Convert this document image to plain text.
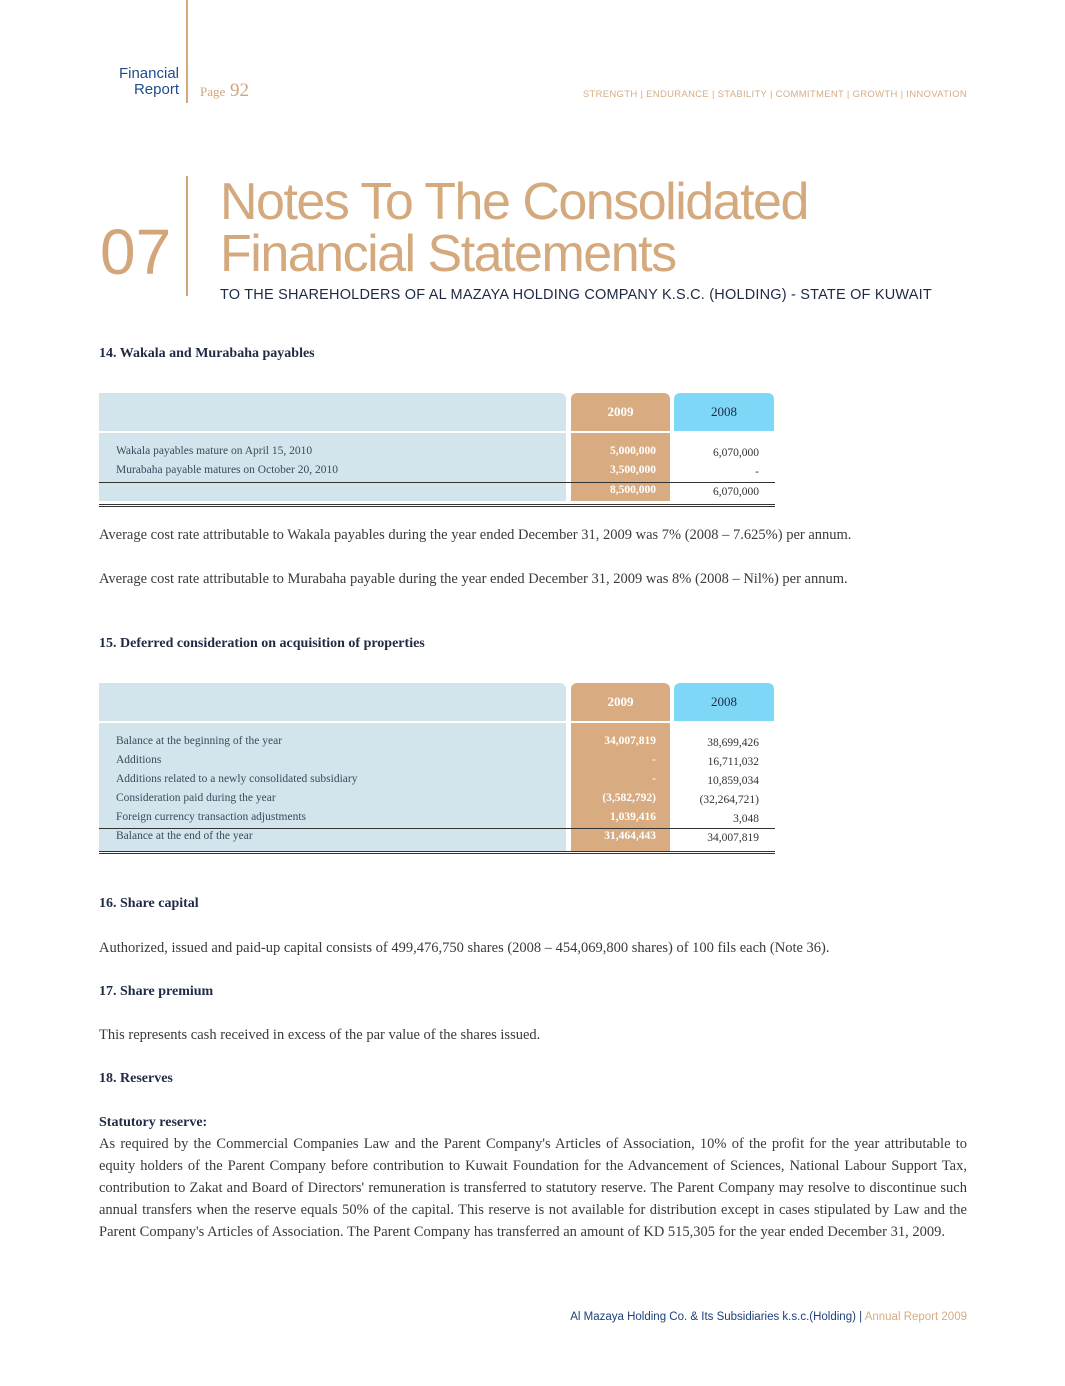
Financial
Report Page 92	STRENGTH | ENDURANCE | STABILITY | COMMITMENT | GROWTH | INNOVATION
07
Notes To The Consolidated
Financial Statements
TO THE SHAREHOLDERS OF AL MAZAYA HOLDING COMPANY K.S.C. (HOLDING) - STATE OF KUWAIT
14. Wakala and Murabaha payables
2009	2008
Wakala payables mature on April 15, 2010	5,000,000	6,070,000
Murabaha payable matures on October 20, 2010	3,500,000	-
8,500,000	6,070,000
Average cost rate attributable to Wakala payables during the year ended December 31, 2009 was 7% (2008 – 7.625%) per annum.
Average cost rate attributable to Murabaha payable during the year ended December 31, 2009 was 8% (2008 – Nil%) per annum.
15. Deferred consideration on acquisition of properties
2009	2008
Balance at the beginning of the year	34,007,819	38,699,426
Additions	-	16,711,032
Additions related to a newly consolidated subsidiary	-	10,859,034
Consideration paid during the year	(3,582,792)	(32,264,721)
Foreign currency transaction adjustments	1,039,416	3,048
Balance at the end of the year	31,464,443	34,007,819
16. Share capital
Authorized, issued and paid-up capital consists of 499,476,750 shares (2008 – 454,069,800 shares) of 100 fils each (Note 36).
17. Share premium
This represents cash received in excess of the par value of the shares issued.
18. Reserves
Statutory reserve:
As required by the Commercial Companies Law and the Parent Company's Articles of Association, 10% of the profit for the year attributable to equity holders of the Parent Company before contribution to Kuwait Foundation for the Advancement of Sciences, National Labour Support Tax, contribution to Zakat and Board of Directors' remuneration is transferred to statutory reserve. The Parent Company may resolve to discontinue such annual transfers when the reserve equals 50% of the capital. This reserve is not available for distribution except in cases stipulated by Law and the Parent Company's Articles of Association. The Parent Company has transferred an amount of KD 515,305 for the year ended December 31, 2009.
Al Mazaya Holding Co. & Its Subsidiaries k.s.c.(Holding) | Annual Report 2009
